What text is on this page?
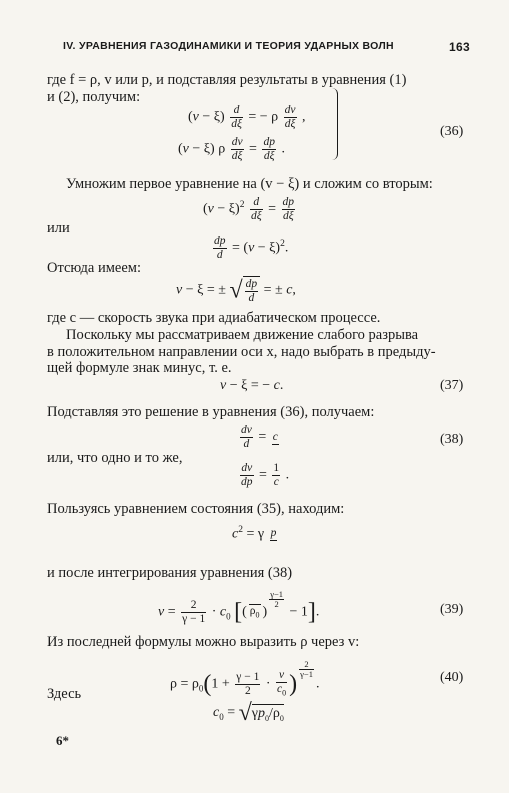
IV. УРАВНЕНИЯ ГАЗОДИНАМИКИ И ТЕОРИЯ УДАРНЫХ ВОЛН	163
где f = ρ, v или p, и подставляя результаты в уравнения (1)
и (2), получим:
$(v - \xi) \frac{d}{d\xi}$ = − ρ $\frac{dv}{d\xi}$ ,
(v − ξ) ρ $\frac{dv}{d\xi} = \frac{dp}{d\xi}$ .
(36)
Умножим первое уравнение на (v − ξ) и сложим со вторым:
$(v - \xi)^2 \frac{d}{d\xi} = \frac{dp}{d\xi}$
или
$\frac{dp}{d} = (v - \xi)^2$.
Отсюда имеем:
v − ξ = ± √ $\frac{dp}{d}$ = ± c,
где c — скорость звука при адиабатическом процессе.
Поскольку мы рассматриваем движение слабого разрыва
в положительном направлении оси x, надо выбрать в предыду-
щей формуле знак минус, т. е.
v − ξ = − c.	(37)
Подставляя это решение в уравнения (36), получаем:
$\frac{dv}{d} = c$	(38)
или, что одно и то же,
$\frac{dv}{dp} = \frac{1}{c}$ .
Пользуясь уравнением состояния (35), находим:
$c^2 = \gamma$ p
и после интегрирования уравнения (38)
$v = \frac{2}{\gamma - 1} \cdot c_0$ [( $\rho_0$ )
$^{\frac{\gamma-1}{2}}$
− 1].	(39)
Из последней формулы можно выразить ρ через v:
$\rho = \rho_0(1 + \frac{\gamma - 1}{2} \cdot \frac{v}{c_0}$ )
$^{\frac{2}{\gamma-1}}$
.	(40)
Здесь
$c_0 = √\gamma p_0/\rho_0$
6*
